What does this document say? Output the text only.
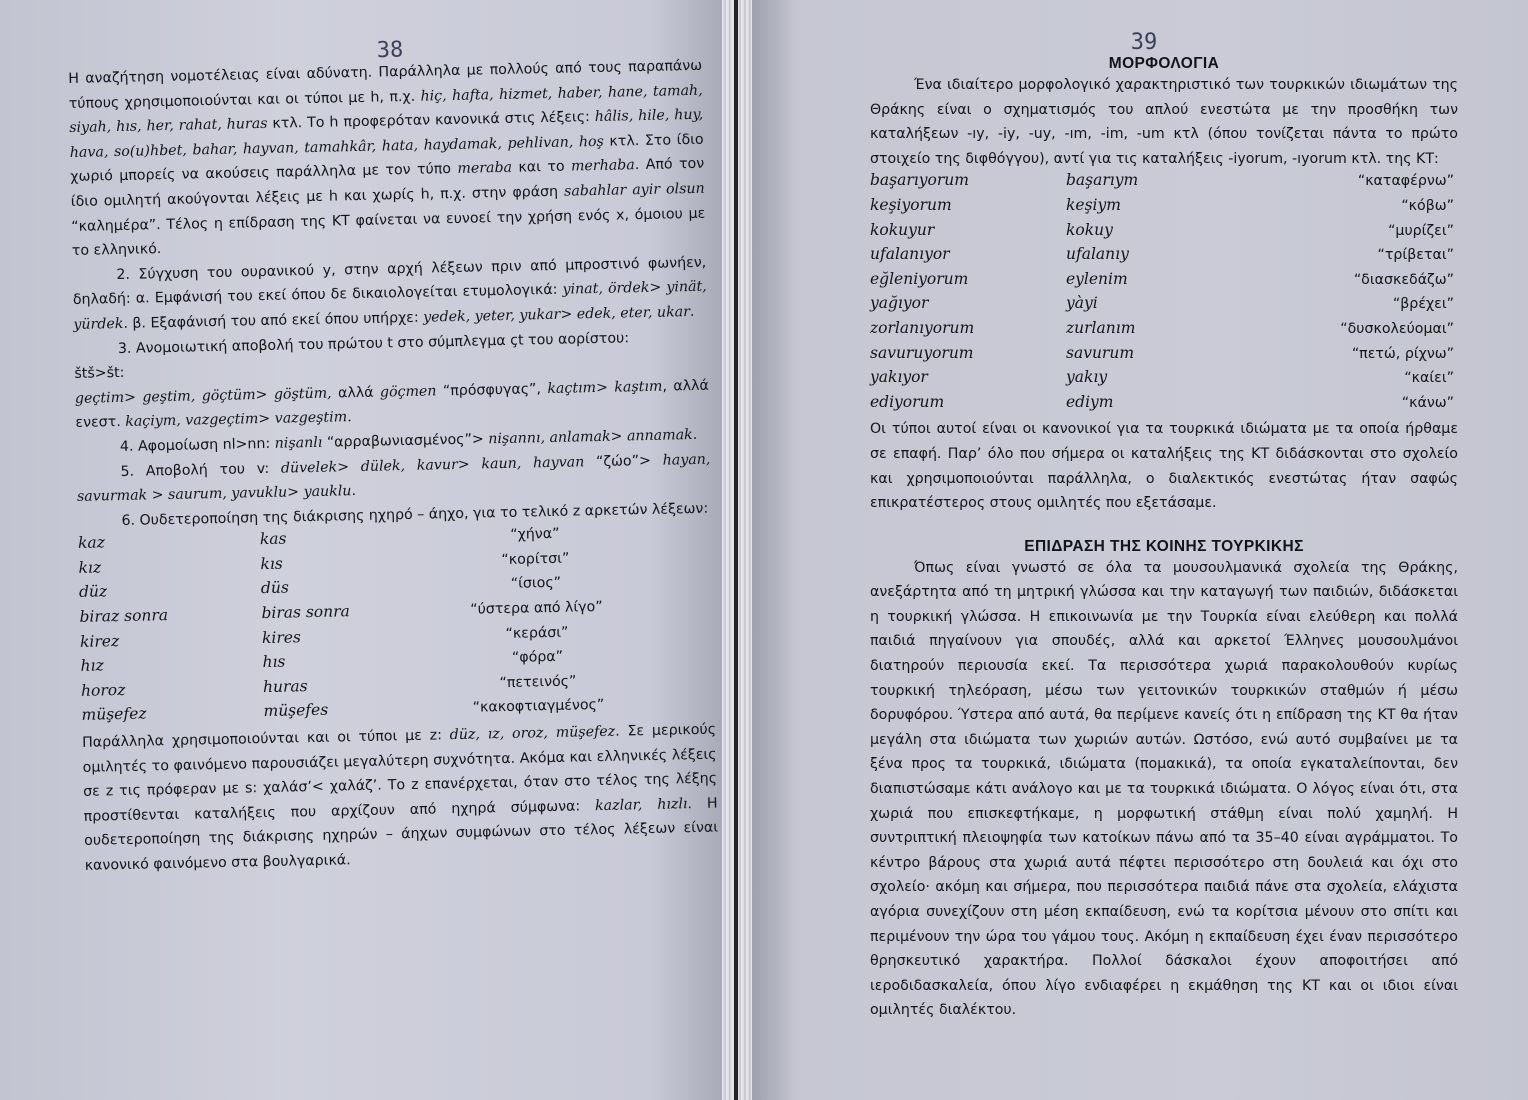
38

Η αναζήτηση νομοτέλειας είναι αδύνατη. Παράλληλα με πολλούς από τους παραπάνω τύπους χρησιμοποιούνται και οι τύποι με h, π.χ. hiç, hafta, hizmet, haber, hane, tamah, siyah, hıs, her, rahat, huras κτλ. Το h προφερόταν κανονικά στις λέξεις: hâlis, hile, huy, hava, so(u)hbet, bahar, hayvan, tamahkâr, hata, haydamak, pehlivan, hoş κτλ. Στο ίδιο χωριό μπορείς να ακούσεις παράλληλα με τον τύπο meraba και το merhaba. Από τον ίδιο ομιλητή ακούγονται λέξεις με h και χωρίς h, π.χ. στην φράση sabahlar ayir olsun “καλημέρα”. Τέλος η επίδραση της ΚΤ φαίνεται να ευνοεί την χρήση ενός x, όμοιου με το ελληνικό.

2. Σύγχυση του ουρανικού y, στην αρχή λέξεων πριν από μπροστινό φωνήεν, δηλαδή: α. Εμφάνισή του εκεί όπου δε δικαιολογείται ετυμολογικά: yinat, ördek> yinät, yürdek. β. Εξαφάνισή του από εκεί όπου υπήρχε: yedek, yeter, yukar> edek, eter, ukar.

3. Ανομοιωτική αποβολή του πρώτου t στο σύμπλεγμα çt του αορίστου:

štš>št:

geçtim> geştim, göçtüm> göştüm, αλλά göçmen “πρόσφυγας”, kaçtım> kaştım, αλλά ενεστ. kaçiym, vazgeçtim> vazgeştim.

4. Αφομοίωση nl>nn: nişanlı “αρραβωνιασμένος”> nişannı, anlamak> annamak.

5. Αποβολή του v: düvelek> dülek, kavur> kaun, hayvan “ζώο”> hayan, savurmak > saurum, yavuklu> yauklu.

6. Ουδετεροποίηση της διάκρισης ηχηρό – άηχο, για το τελικό z αρκετών λέξεων:

kaz	kas	“χήνα”
kız	kıs	“κορίτσι”
düz	düs	“ίσιος”
biraz sonra	biras sonra	“ύστερα από λίγο”
kirez	kires	“κεράσι”
hız	hıs	“φόρα”
horoz	huras	“πετεινός”
müşefez	müşefes	“κακοφτιαγμένος”

Παράλληλα χρησιμοποιούνται και οι τύποι με z: düz, ız, oroz, müşefez. Σε μερικούς ομιλητές το φαινόμενο παρουσιάζει μεγαλύτερη συχνότητα. Ακόμα και ελληνικές λέξεις σε z τις πρόφεραν με s: χαλάσ’< χαλάζ’. Το z επανέρχεται, όταν στο τέλος της λέξης προστίθενται καταλήξεις που αρχίζουν από ηχηρά σύμφωνα: kazlar, hızlı. Η ουδετεροποίηση της διάκρισης ηχηρών – άηχων συμφώνων στο τέλος λέξεων είναι κανονικό φαινόμενο στα βουλγαρικά.

39
ΜΟΡΦΟΛΟΓΙΑ

Ένα ιδιαίτερο μορφολογικό χαρακτηριστικό των τουρκικών ιδιωμάτων της Θράκης είναι ο σχηματισμός του απλού ενεστώτα με την προσθήκη των καταλήξεων -ıy, -iy, -uy, -ım, -im, -um κτλ (όπου τονίζεται πάντα το πρώτο στοιχείο της διφθόγγου), αντί για τις καταλήξεις -iyorum, -ıyorum κτλ. της ΚΤ:

başarıyorum	başarıym	“καταφέρνω”
keşiyorum	keşiym	“κόβω”
kokuyur	kokuy	“μυρίζει”
ufalanıyor	ufalanıy	“τρίβεται”
eğleniyorum	eylenim	“διασκεδάζω”
yağıyor	yàyi	“βρέχει”
zorlanıyorum	zurlanım	“δυσκολεύομαι”
savuruyorum	savurum	“πετώ, ρίχνω”
yakıyor	yakıy	“καίει”
ediyorum	ediym	“κάνω”

Οι τύποι αυτοί είναι οι κανονικοί για τα τουρκικά ιδιώματα με τα οποία ήρθαμε σε επαφή. Παρ’ όλο που σήμερα οι καταλήξεις της ΚΤ διδάσκονται στο σχολείο και χρησιμοποιούνται παράλληλα, ο διαλεκτικός ενεστώτας ήταν σαφώς επικρατέστερος στους ομιλητές που εξετάσαμε.

ΕΠΙΔΡΑΣΗ ΤΗΣ ΚΟΙΝΗΣ ΤΟΥΡΚΙΚΗΣ

Όπως είναι γνωστό σε όλα τα μουσουλμανικά σχολεία της Θράκης, ανεξάρτητα από τη μητρική γλώσσα και την καταγωγή των παιδιών, διδάσκεται η τουρκική γλώσσα. Η επικοινωνία με την Τουρκία είναι ελεύθερη και πολλά παιδιά πηγαίνουν για σπουδές, αλλά και αρκετοί Έλληνες μουσουλμάνοι διατηρούν περιουσία εκεί. Τα περισσότερα χωριά παρακολουθούν κυρίως τουρκική τηλεόραση, μέσω των γειτονικών τουρκικών σταθμών ή μέσω δορυφόρου. Ύστερα από αυτά, θα περίμενε κανείς ότι η επίδραση της ΚΤ θα ήταν μεγάλη στα ιδιώματα των χωριών αυτών. Ωστόσο, ενώ αυτό συμβαίνει με τα ξένα προς τα τουρκικά, ιδιώματα (πομακικά), τα οποία εγκαταλείπονται, δεν διαπιστώσαμε κάτι ανάλογο και με τα τουρκικά ιδιώματα. Ο λόγος είναι ότι, στα χωριά που επισκεφτήκαμε, η μορφωτική στάθμη είναι πολύ χαμηλή. Η συντριπτική πλειοψηφία των κατοίκων πάνω από τα 35–40 είναι αγράμματοι. Το κέντρο βάρους στα χωριά αυτά πέφτει περισσότερο στη δουλειά και όχι στο σχολείο· ακόμη και σήμερα, που περισσότερα παιδιά πάνε στα σχολεία, ελάχιστα αγόρια συνεχίζουν στη μέση εκπαίδευση, ενώ τα κορίτσια μένουν στο σπίτι και περιμένουν την ώρα του γάμου τους. Ακόμη η εκπαίδευση έχει έναν περισσότερο θρησκευτικό χαρακτήρα. Πολλοί δάσκαλοι έχουν αποφοιτήσει από ιεροδιδασκαλεία, όπου λίγο ενδιαφέρει η εκμάθηση της ΚΤ και οι ιδιοι είναι ομιλητές διαλέκτου.
